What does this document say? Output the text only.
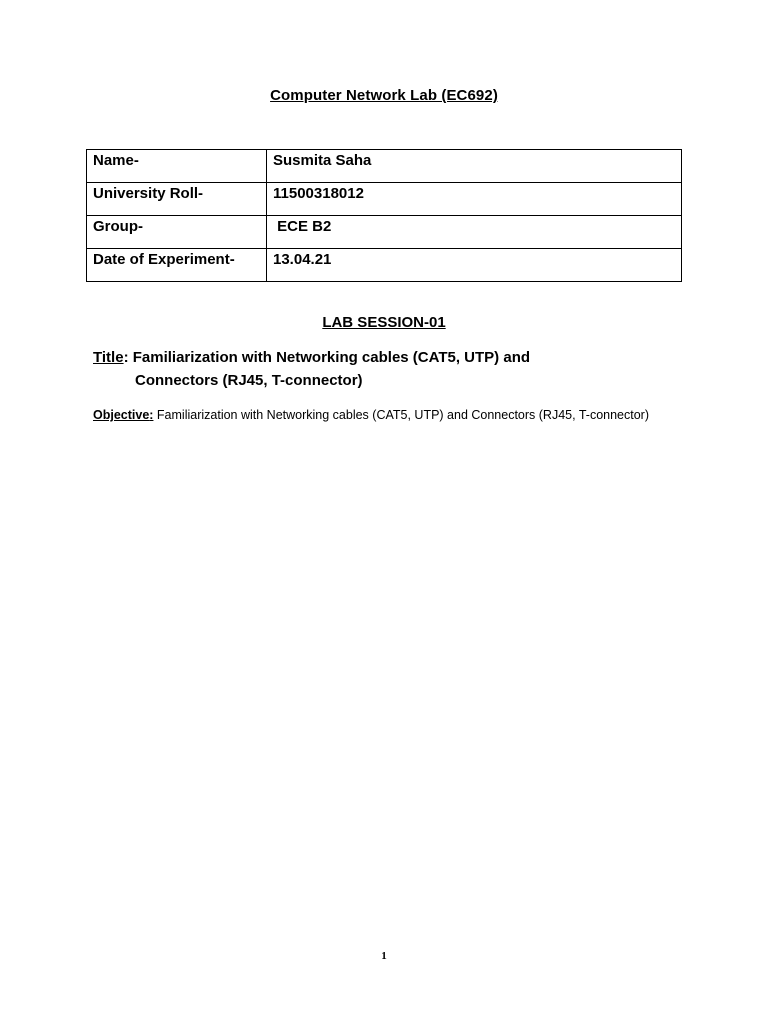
Computer Network Lab (EC692)
Name-	Susmita Saha
University Roll-	11500318012
Group-	ECE B2
Date of Experiment-	13.04.21
LAB SESSION-01
Title: Familiarization with Networking cables (CAT5, UTP) and
Connectors (RJ45, T-connector)
Objective: Familiarization with Networking cables (CAT5, UTP) and Connectors (RJ45, T-connector)
1
